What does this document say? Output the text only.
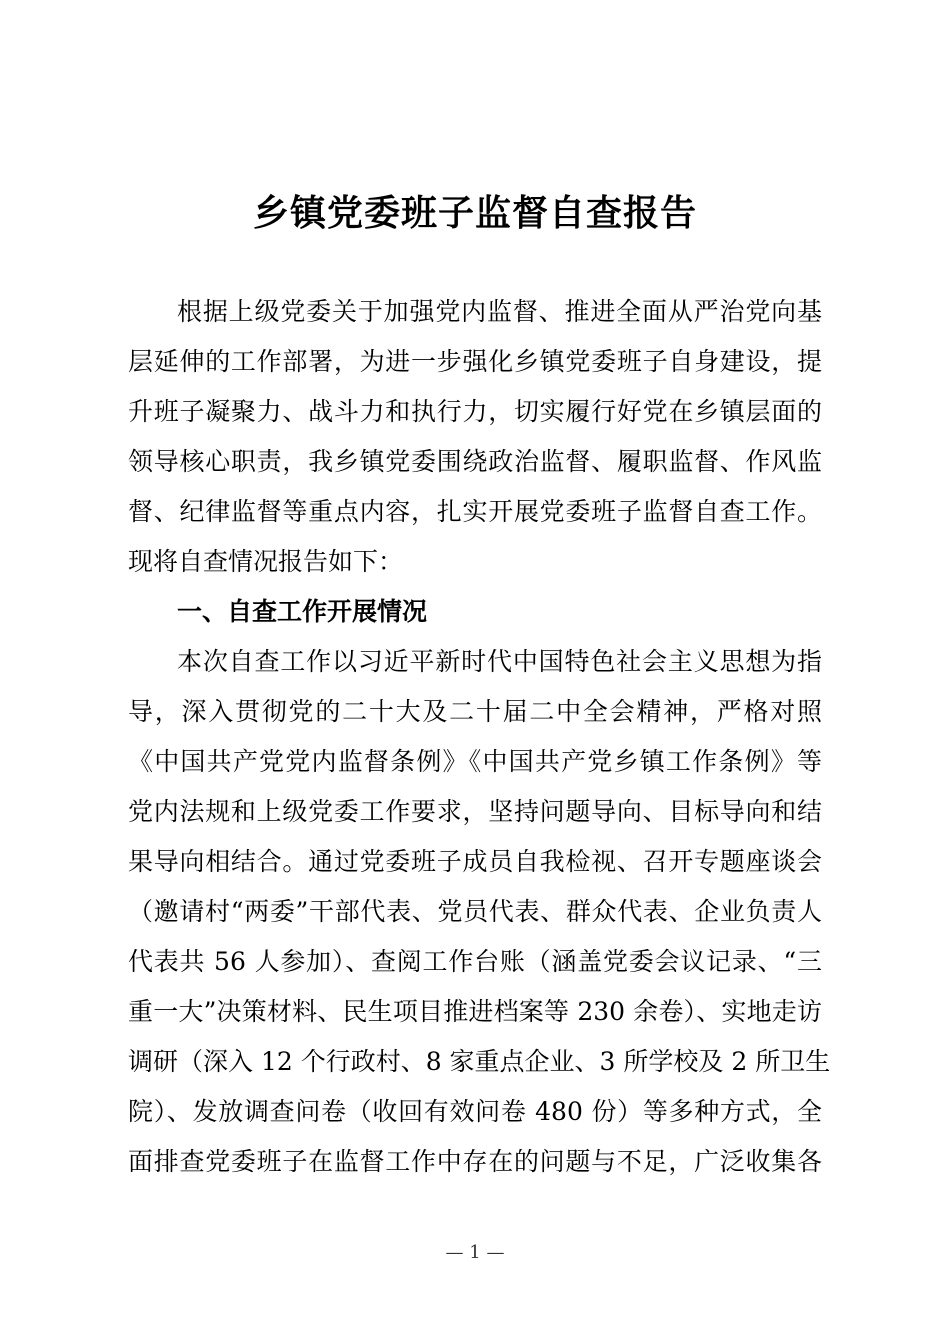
乡镇党委班子监督自查报告
根据上级党委关于加强党内监督、推进全面从严治党向基
层延伸的工作部署，为进一步强化乡镇党委班子自身建设，提
升班子凝聚力、战斗力和执行力，切实履行好党在乡镇层面的
领导核心职责，我乡镇党委围绕政治监督、履职监督、作风监
督、纪律监督等重点内容，扎实开展党委班子监督自查工作。
现将自查情况报告如下：
一、自查工作开展情况
本次自查工作以习近平新时代中国特色社会主义思想为指
导，深入贯彻党的二十大及二十届二中全会精神，严格对照
《中国共产党党内监督条例》《中国共产党乡镇工作条例》等
党内法规和上级党委工作要求，坚持问题导向、目标导向和结
果导向相结合。通过党委班子成员自我检视、召开专题座谈会
（邀请村“两委”干部代表、党员代表、群众代表、企业负责人
代表共 56 人参加）、查阅工作台账（涵盖党委会议记录、“三
重一大”决策材料、民生项目推进档案等 230 余卷）、实地走访
调研（深入 12 个行政村、8 家重点企业、3 所学校及 2 所卫生
院）、发放调查问卷（收回有效问卷 480 份）等多种方式，全
面排查党委班子在监督工作中存在的问题与不足，广泛收集各
— 1 —
